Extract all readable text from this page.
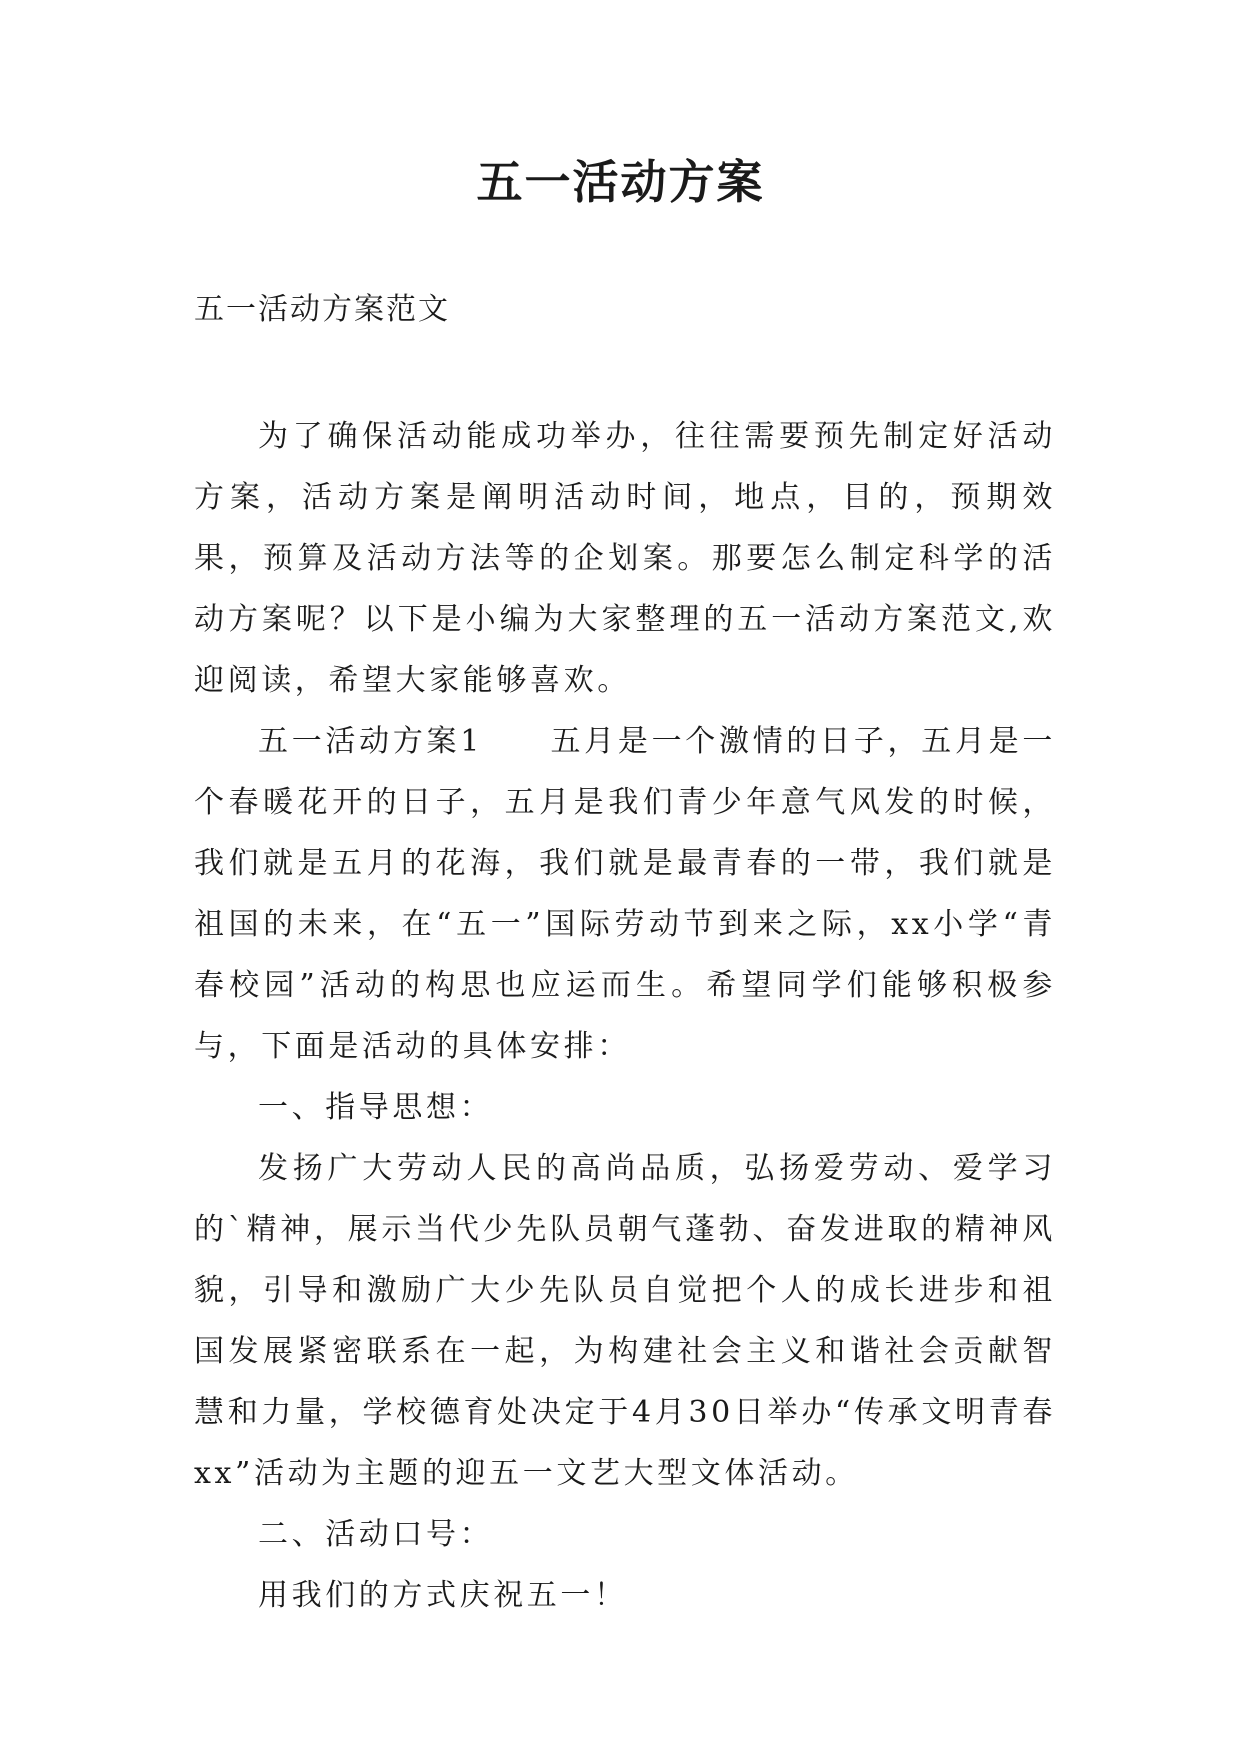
五一活动方案

五一活动方案范文

为了确保活动能成功举办，往往需要预先制定好活动方案，活动方案是阐明活动时间，地点，目的，预期效果，预算及活动方法等的企划案。那要怎么制定科学的活动方案呢？以下是小编为大家整理的五一活动方案范文,欢迎阅读，希望大家能够喜欢。

五一活动方案1　　五月是一个激情的日子，五月是一个春暖花开的日子，五月是我们青少年意气风发的时候，我们就是五月的花海，我们就是最青春的一带，我们就是祖国的未来，在“五一”国际劳动节到来之际，xx小学“青春校园”活动的构思也应运而生。希望同学们能够积极参与，下面是活动的具体安排：

一、指导思想：

发扬广大劳动人民的高尚品质，弘扬爱劳动、爱学习的`精神，展示当代少先队员朝气蓬勃、奋发进取的精神风貌，引导和激励广大少先队员自觉把个人的成长进步和祖国发展紧密联系在一起，为构建社会主义和谐社会贡献智慧和力量，学校德育处决定于4月30日举办“传承文明青春xx”活动为主题的迎五一文艺大型文体活动。

二、活动口号：

用我们的方式庆祝五一！
